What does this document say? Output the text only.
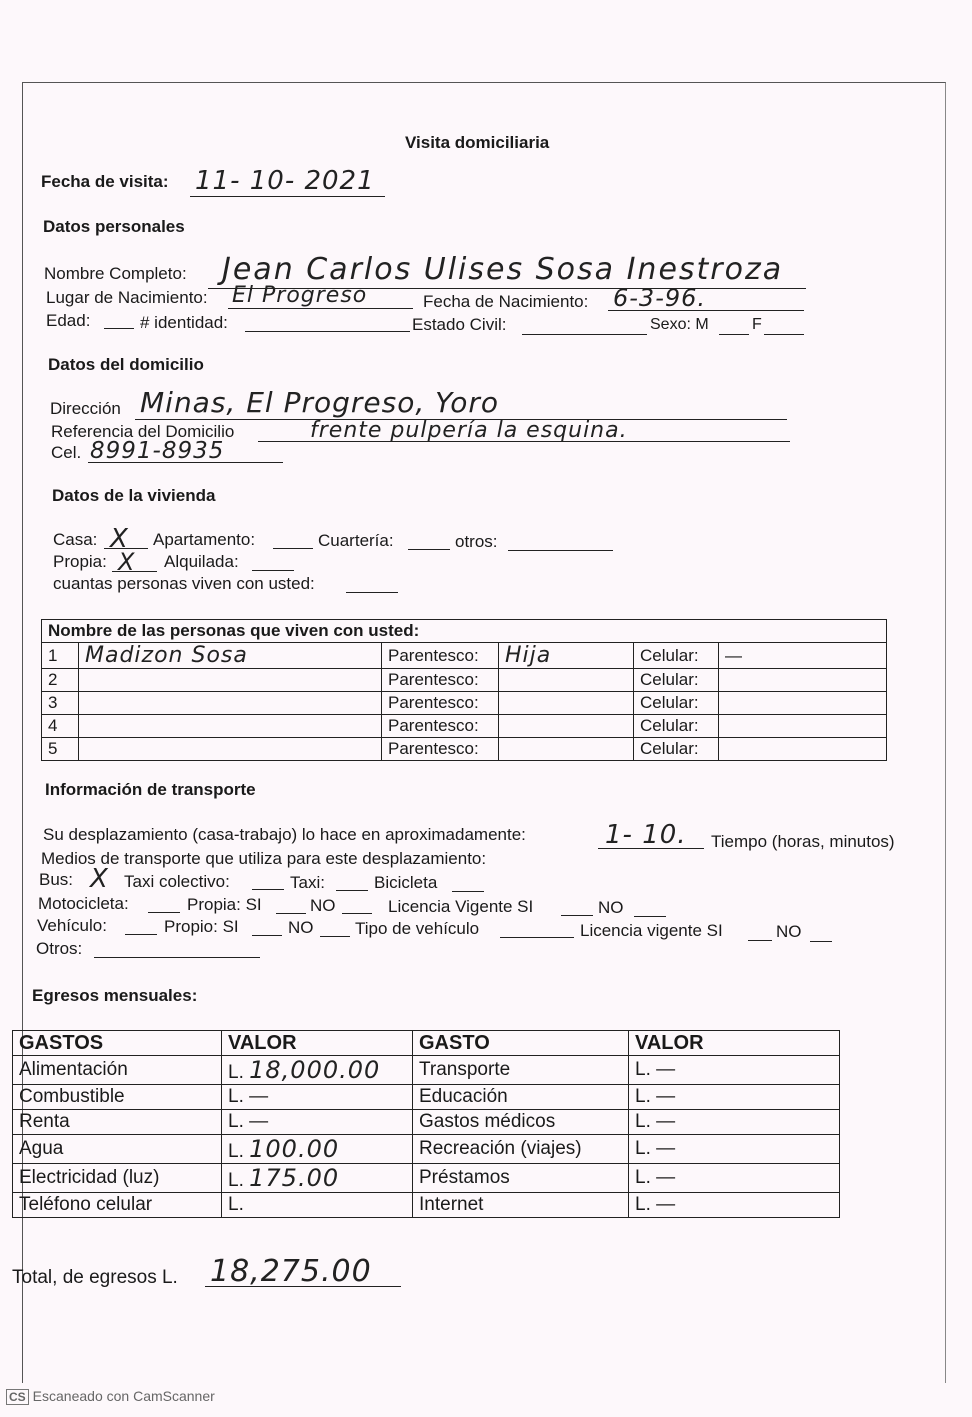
Visita domiciliaria
Fecha de visita: 11- 10- 2021
Datos personales
Nombre Completo: Jean Carlos Ulises Sosa Inestroza
Lugar de Nacimiento: El Progreso	Fecha de Nacimiento: 6-3-96.
Edad:	# identidad:	Estado Civil:	Sexo: M	F
Datos del domicilio
Dirección Minas, El Progreso, Yoro
Referencia del Domicilio	frente pulpería la esquina.
Cel. 8991-8935
Datos de la vivienda
Casa: X Apartamento:	Cuartería:	otros:
Propia: X Alquilada:
cuantas personas viven con usted:
Nombre de las personas que viven con usted:					
1	Madizon Sosa	Parentesco:	Hija	Celular:	—
2		Parentesco:		Celular:	
3		Parentesco:		Celular:	
4		Parentesco:		Celular:	
5		Parentesco:		Celular:	
Información de transporte
Su desplazamiento (casa-trabajo) lo hace en aproximadamente:	1- 10. Tiempo (horas, minutos)
Medios de transporte que utiliza para este desplazamiento:
Bus: X Taxi colectivo:	Taxi:	Bicicleta
Motocicleta:	Propia: SI	NO	Licencia Vigente SI	NO
Vehículo:	Propio: SI	NO Tipo de vehículo	Licencia vigente SI	NO
Otros:
Egresos mensuales:
GASTOS	VALOR	GASTO	VALOR
Alimentación	L. 18,000.00	Transporte	L. —
Combustible	L. —	Educación	L. —
Renta	L. —	Gastos médicos	L. —
Agua	L. 100.00	Recreación (viajes)	L. —
Electricidad (luz)	L. 175.00	Préstamos	L. —
Teléfono celular	L.	Internet	L. —
Total, de egresos L. 18,275.00
CS Escaneado con CamScanner
